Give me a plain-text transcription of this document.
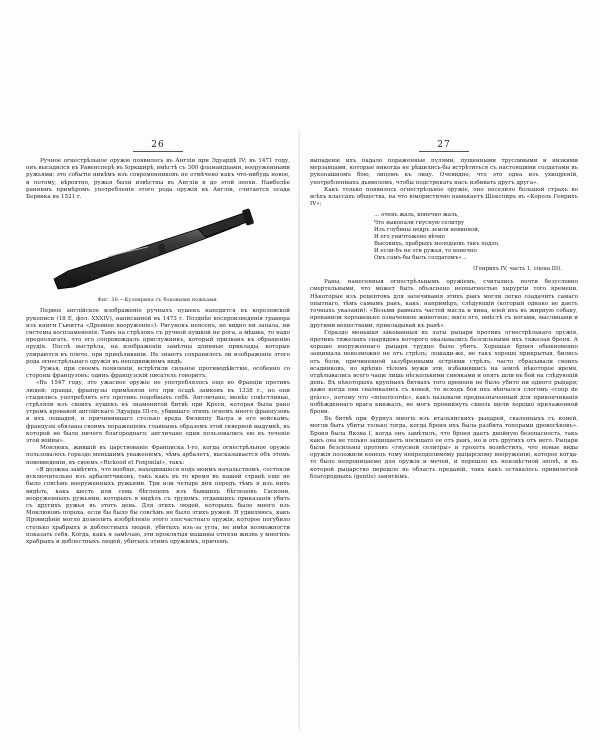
26

Ручное огнестрѣльное оружіе появилось въ Англіи при Эдуардѣ IV; въ 1471 году, онъ высадился въ Равенсперѣ въ Іоркширѣ, вмѣстѣ съ 300 фламандцами, вооруженными ружьями: это событіе никѣмъ изъ современниковъ не отмѣчено какъ что-нибудь новое, и потому, вѣроятно, ружья были извѣстны въ Англіи и до этой эпохи. Наиболѣе раннимъ примѣромъ употребленія этого рода оружія въ Англіи, считается осада Бервика въ 1521 г.

Фиг. 30.—Кулеврина съ боковыми ножками.

Первое англійское изображеніе ручныхъ пушекъ находится въ королевской рукописи (18 E, фол. XXXIV), написанной въ 1473 г. Позднѣе воспроизведенія гравюра изъ книги Гьюитта «Древнее вооруженіе»). Рисунокъ неясенъ, не видно ни запала, ни системы воспламененія. Тамъ на стрѣлокъ съ ручной пушкой не рога, а мѣшка, то надо предполагать, что его сопровождалъ прислужникъ, который призванъ къ обращенію орудія. Послѣ выстрѣла, на изображеніи замѣтны длинные приклады, которые упираются въ плечо, при прицѣливаніи. Не знаютъ сохранилось ли изображеніе этого рода огнестрѣльнаго оружія въ неподвижномъ видѣ.

Ружья, при своемъ появленіи, встрѣтили сильное противодѣйствіе, особенно со стороны французовъ; одинъ французскій писатель говоритъ:

«Въ 1547 году, это ужасное оружіе не употреблялось еще во Франціи противъ людей; правда, французы примѣняли его при осадѣ замковъ въ 1338 г., но они стыдились употреблять его противъ подобныхъ себѣ. Англичане, менѣе совѣстливые, стрѣляли изъ своихъ пушекъ въ знаменитой битвѣ при Креси, которая была рано утромъ кровавой англійскаго Эдуарда III-го, убившаго этимъ огнемъ много французовъ и ихъ лошадей, и причинившаго столько вреда Филиппу Валуа и его войскамъ; французы обязаны своимъ пораженіемъ главнымъ образомъ этой скверной выдумкѣ, въ которой не было ничего благороднаго; англичане одни пользовались ею въ теченіе этой войны».

Монлюкъ, жившій въ царствованіе Франциска I-го, когда огнестрѣльное оружіе пользовалось гораздо меньшимъ уваженіемъ, чѣмъ арбалетъ, высказывается объ этомъ нововведеніи, въ своемъ «Rickood et Fonjonlat», такъ:

«Я должна замѣтить, что вообще, находившіеся подъ моимъ начальствомъ, состояли исключительно изъ арбалетчиковъ, такъ какъ въ то время въ нашей странѣ еще не было совсѣмъ вооруженныхъ ружьями. Три или четыре дня передъ тѣмъ я изъ нихъ видѣлъ, какъ шесть или семь бѣглецовъ изъ бывшихъ бѣглецовъ Гаскони, вооруженныхъ ружьями, которыхъ я видѣлъ съ трудомъ, отдавшихъ приказанія убить съ другихъ ружья въ этотъ день. Для этихъ людей, которыхъ было много изъ Монлюковъ пороха, если бы было бы совсѣмъ не было этихъ ружей. Я удивляюсь, какъ Провидѣніе могло дозволить изобрѣтеніе этого злосчастнаго оружія, которое погубило столько храбрыхъ и доблестныхъ людей, убитыхъ изъ-за угла, не имѣя возможности показать себя. Когда, какъ я замѣчаю, эти проклятыя машины отняли жизнь у многихъ храбрыхъ и доблестныхъ людей, убитыхъ этимъ оружіемъ, причемъ

27

выпаденіе ихъ падало пораженные пулями, пущенными трусливыми и низкими мерзавцами, которые никогда не рѣшились-бы встрѣтиться съ настоящими солдатами въ рукопашномъ бою, лицомъ къ лицу. Очевидно, что это одна изъ ухищреній, употребленныхъ дьяволомъ, чтобы подстрекать насъ избивать другъ друга».

Какъ только появилось огнестрѣльное оружіе, оно поселило большой страхъ во всѣхъ классахъ общества, на что юмористично намекаетъ Шекспиръ въ «Король Генрихъ IV»:

… очень жаль, конечно жаль,
Что выкопали гнусную селитру
Изъ глубины недръ земли невинной,
И его уничтожено вѣчно
Высокихъ, храбрыхъ молодцовъ такъ подло,
И если-бъ не эти ружья, то конечно
Онъ самъ-бы былъ солдатомъ»…
(Генрихъ IV, часть 1, сцена III).

Раны, нанесенныя огнестрѣльнымъ оружіемъ, считались почти безусловно смертельными, что может быть объяснено неопытностью хирургіи того времени. Нѣкоторые изъ рецептовъ для залечиванія этихъ ранъ могли легко озадачить самаго опытнаго, тѣмъ самымъ ранъ, какъ, напримѣръ, слѣдующій (который однако не даетъ точныхъ указаній): «Возьми равныхъ частей масла и вина, влей ихъ въ жирную собаку, прованили хорошенько означенное животное; мясо его, вмѣстѣ съ ногами, маслинами и другими веществами, прикладывай къ ранѣ».

Гораздо меньшая закованныя въ латы рыцари противъ огнестрѣльнаго оружія, противъ тяжелыхъ снарядовъ которого оказывались безсильными ихъ тяжелая броня. А хорошо вооруженнаго рыцаря трудно было убить. Хорошая броня обыкновенно защищала невозможно не отъ стрѣлъ; лошади-же, не такъ хорошо прикрытыя, бились отъ боли, причиненной зазубренными остріями стрѣлъ, часто сбрасывали своихъ всадниковъ, но крѣпко тѣломъ мужи эти, избавившись на землѣ нѣкоторое время, отдѣлывались всего чаще лишь нѣсколькими синяками и опять шли въ бой на слѣдующій день. Въ нѣкоторыхъ крупныхъ битвахъ того времени не было убито ни одного рыцаря; даже когда они сваливались съ коней, то исходъ боя ихъ вѣнчался слогомъ «coup de grâce», потому что «misericorde», какъ называли предназначенный для прикончиванія побѣжденнаго врага кинжалъ, не могъ проникнуть сквозь щели хорошо прилаженной брони.

Въ битвѣ при Фурнуэ многіе изъ итальянскихъ рыцарей, сваленныхъ съ коней, могли быть убиты только тогда, когда броня ихъ была разбита топорами дровосѣковъ». Броня была Якова I, когда онъ замѣтилъ, что броня даетъ двойную безопасность, такъ какъ она не только защищаетъ носящаго ее отъ ранъ, но и отъ другихъ отъ него. Рыцари были безсильны противъ «гнусной селитры» и грохотъ возвѣстилъ, что новые виды оружія положили конецъ тому непреодолимому рыцарскому вооруженію, которое когда-то было непроницаемо для оружія и мечей, и перешло къ неизвѣстной эпохѣ, и въ которой рыцарство перешло въ область преданій, такъ какъ оставалось привилегіей благородныхъ (gentle) занятіемъ.
